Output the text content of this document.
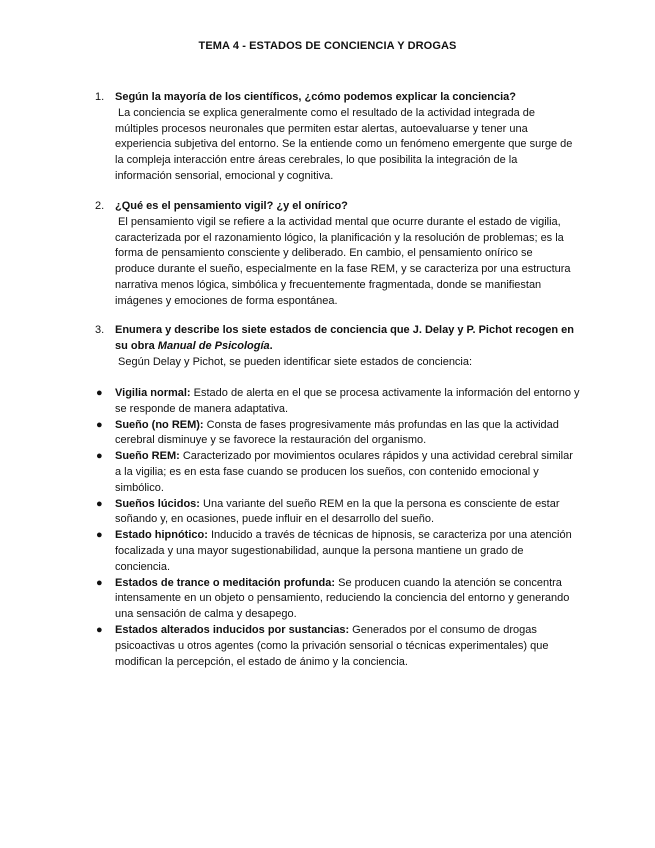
TEMA 4 - ESTADOS DE CONCIENCIA Y DROGAS
1. Según la mayoría de los científicos, ¿cómo podemos explicar la conciencia?
La conciencia se explica generalmente como el resultado de la actividad integrada de múltiples procesos neuronales que permiten estar alertas, autoevaluarse y tener una experiencia subjetiva del entorno. Se la entiende como un fenómeno emergente que surge de la compleja interacción entre áreas cerebrales, lo que posibilita la integración de la información sensorial, emocional y cognitiva.
2. ¿Qué es el pensamiento vigil? ¿y el onírico?
El pensamiento vigil se refiere a la actividad mental que ocurre durante el estado de vigilia, caracterizada por el razonamiento lógico, la planificación y la resolución de problemas; es la forma de pensamiento consciente y deliberado. En cambio, el pensamiento onírico se produce durante el sueño, especialmente en la fase REM, y se caracteriza por una estructura narrativa menos lógica, simbólica y frecuentemente fragmentada, donde se manifiestan imágenes y emociones de forma espontánea.
3. Enumera y describe los siete estados de conciencia que J. Delay y P. Pichot recogen en su obra Manual de Psicología.
Según Delay y Pichot, se pueden identificar siete estados de conciencia:
● Vigilia normal: Estado de alerta en el que se procesa activamente la información del entorno y se responde de manera adaptativa.
● Sueño (no REM): Consta de fases progresivamente más profundas en las que la actividad cerebral disminuye y se favorece la restauración del organismo.
● Sueño REM: Caracterizado por movimientos oculares rápidos y una actividad cerebral similar a la vigilia; es en esta fase cuando se producen los sueños, con contenido emocional y simbólico.
● Sueños lúcidos: Una variante del sueño REM en la que la persona es consciente de estar soñando y, en ocasiones, puede influir en el desarrollo del sueño.
● Estado hipnótico: Inducido a través de técnicas de hipnosis, se caracteriza por una atención focalizada y una mayor sugestionabilidad, aunque la persona mantiene un grado de conciencia.
● Estados de trance o meditación profunda: Se producen cuando la atención se concentra intensamente en un objeto o pensamiento, reduciendo la conciencia del entorno y generando una sensación de calma y desapego.
● Estados alterados inducidos por sustancias: Generados por el consumo de drogas psicoactivas u otros agentes (como la privación sensorial o técnicas experimentales) que modifican la percepción, el estado de ánimo y la conciencia.
